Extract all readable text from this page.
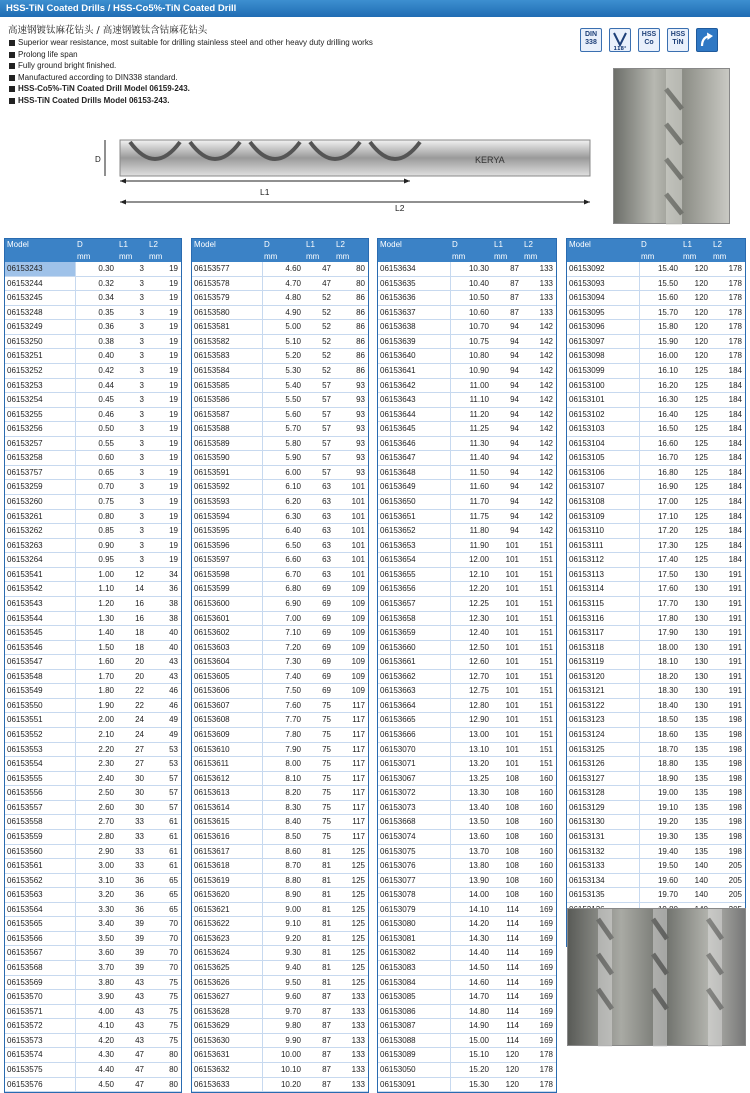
HSS-TiN Coated Drills / HSS-Co5%-TiN Coated Drill
高速钢镀钛麻花钻头 / 高速钢镀钛含钴麻花钻头
Superior wear resistance, most suitable for drilling stainless steel and other heavy duty drilling works
Prolong life span
Fully ground bright finished.
Manufactured according to DIN338 standard.
HSS-Co5%-TiN Coated Drill Model 06159-243.
HSS-TiN Coated Drills Model 06153-243.
DIN
338
118°
HSS
Co
HSS
TiN
KERYA
D
L1
L2
Model	D	L1	L2
	mm	mm	mm
06153243	0.30	3	19
06153244	0.32	3	19
06153245	0.34	3	19
06153248	0.35	3	19
06153249	0.36	3	19
06153250	0.38	3	19
06153251	0.40	3	19
06153252	0.42	3	19
06153253	0.44	3	19
06153254	0.45	3	19
06153255	0.46	3	19
06153256	0.50	3	19
06153257	0.55	3	19
06153258	0.60	3	19
06153757	0.65	3	19
06153259	0.70	3	19
06153260	0.75	3	19
06153261	0.80	3	19
06153262	0.85	3	19
06153263	0.90	3	19
06153264	0.95	3	19
06153541	1.00	12	34
06153542	1.10	14	36
06153543	1.20	16	38
06153544	1.30	16	38
06153545	1.40	18	40
06153546	1.50	18	40
06153547	1.60	20	43
06153548	1.70	20	43
06153549	1.80	22	46
06153550	1.90	22	46
06153551	2.00	24	49
06153552	2.10	24	49
06153553	2.20	27	53
06153554	2.30	27	53
06153555	2.40	30	57
06153556	2.50	30	57
06153557	2.60	30	57
06153558	2.70	33	61
06153559	2.80	33	61
06153560	2.90	33	61
06153561	3.00	33	61
06153562	3.10	36	65
06153563	3.20	36	65
06153564	3.30	36	65
06153565	3.40	39	70
06153566	3.50	39	70
06153567	3.60	39	70
06153568	3.70	39	70
06153569	3.80	43	75
06153570	3.90	43	75
06153571	4.00	43	75
06153572	4.10	43	75
06153573	4.20	43	75
06153574	4.30	47	80
06153575	4.40	47	80
06153576	4.50	47	80
Model	D	L1	L2
	mm	mm	mm
06153577	4.60	47	80
06153578	4.70	47	80
06153579	4.80	52	86
06153580	4.90	52	86
06153581	5.00	52	86
06153582	5.10	52	86
06153583	5.20	52	86
06153584	5.30	52	86
06153585	5.40	57	93
06153586	5.50	57	93
06153587	5.60	57	93
06153588	5.70	57	93
06153589	5.80	57	93
06153590	5.90	57	93
06153591	6.00	57	93
06153592	6.10	63	101
06153593	6.20	63	101
06153594	6.30	63	101
06153595	6.40	63	101
06153596	6.50	63	101
06153597	6.60	63	101
06153598	6.70	63	101
06153599	6.80	69	109
06153600	6.90	69	109
06153601	7.00	69	109
06153602	7.10	69	109
06153603	7.20	69	109
06153604	7.30	69	109
06153605	7.40	69	109
06153606	7.50	69	109
06153607	7.60	75	117
06153608	7.70	75	117
06153609	7.80	75	117
06153610	7.90	75	117
06153611	8.00	75	117
06153612	8.10	75	117
06153613	8.20	75	117
06153614	8.30	75	117
06153615	8.40	75	117
06153616	8.50	75	117
06153617	8.60	81	125
06153618	8.70	81	125
06153619	8.80	81	125
06153620	8.90	81	125
06153621	9.00	81	125
06153622	9.10	81	125
06153623	9.20	81	125
06153624	9.30	81	125
06153625	9.40	81	125
06153626	9.50	81	125
06153627	9.60	87	133
06153628	9.70	87	133
06153629	9.80	87	133
06153630	9.90	87	133
06153631	10.00	87	133
06153632	10.10	87	133
06153633	10.20	87	133
Model	D	L1	L2
	mm	mm	mm
06153634	10.30	87	133
06153635	10.40	87	133
06153636	10.50	87	133
06153637	10.60	87	133
06153638	10.70	94	142
06153639	10.75	94	142
06153640	10.80	94	142
06153641	10.90	94	142
06153642	11.00	94	142
06153643	11.10	94	142
06153644	11.20	94	142
06153645	11.25	94	142
06153646	11.30	94	142
06153647	11.40	94	142
06153648	11.50	94	142
06153649	11.60	94	142
06153650	11.70	94	142
06153651	11.75	94	142
06153652	11.80	94	142
06153653	11.90	101	151
06153654	12.00	101	151
06153655	12.10	101	151
06153656	12.20	101	151
06153657	12.25	101	151
06153658	12.30	101	151
06153659	12.40	101	151
06153660	12.50	101	151
06153661	12.60	101	151
06153662	12.70	101	151
06153663	12.75	101	151
06153664	12.80	101	151
06153665	12.90	101	151
06153666	13.00	101	151
06153070	13.10	101	151
06153071	13.20	101	151
06153067	13.25	108	160
06153072	13.30	108	160
06153073	13.40	108	160
06153668	13.50	108	160
06153074	13.60	108	160
06153075	13.70	108	160
06153076	13.80	108	160
06153077	13.90	108	160
06153078	14.00	108	160
06153079	14.10	114	169
06153080	14.20	114	169
06153081	14.30	114	169
06153082	14.40	114	169
06153083	14.50	114	169
06153084	14.60	114	169
06153085	14.70	114	169
06153086	14.80	114	169
06153087	14.90	114	169
06153088	15.00	114	169
06153089	15.10	120	178
06153050	15.20	120	178
06153091	15.30	120	178
Model	D	L1	L2
	mm	mm	mm
06153092	15.40	120	178
06153093	15.50	120	178
06153094	15.60	120	178
06153095	15.70	120	178
06153096	15.80	120	178
06153097	15.90	120	178
06153098	16.00	120	178
06153099	16.10	125	184
06153100	16.20	125	184
06153101	16.30	125	184
06153102	16.40	125	184
06153103	16.50	125	184
06153104	16.60	125	184
06153105	16.70	125	184
06153106	16.80	125	184
06153107	16.90	125	184
06153108	17.00	125	184
06153109	17.10	125	184
06153110	17.20	125	184
06153111	17.30	125	184
06153112	17.40	125	184
06153113	17.50	130	191
06153114	17.60	130	191
06153115	17.70	130	191
06153116	17.80	130	191
06153117	17.90	130	191
06153118	18.00	130	191
06153119	18.10	130	191
06153120	18.20	130	191
06153121	18.30	130	191
06153122	18.40	130	191
06153123	18.50	135	198
06153124	18.60	135	198
06153125	18.70	135	198
06153126	18.80	135	198
06153127	18.90	135	198
06153128	19.00	135	198
06153129	19.10	135	198
06153130	19.20	135	198
06153131	19.30	135	198
06153132	19.40	135	198
06153133	19.50	140	205
06153134	19.60	140	205
06153135	19.70	140	205
